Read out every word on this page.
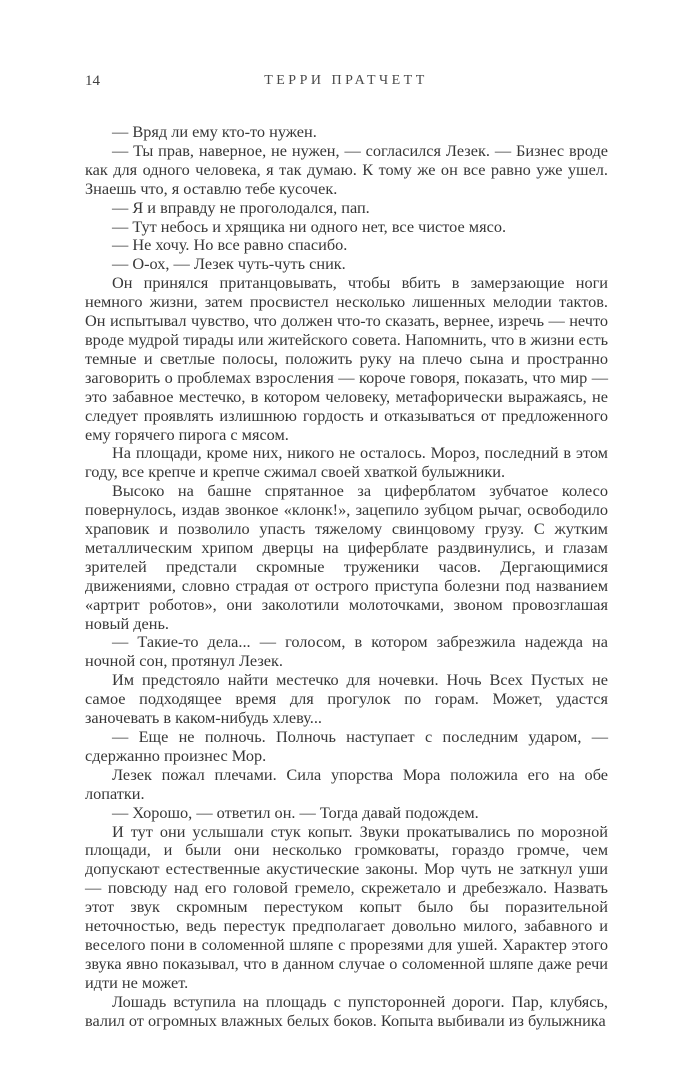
14	ТЕРРИ ПРАТЧЕТТ

— Вряд ли ему кто-то нужен.

— Ты прав, наверное, не нужен, — согласился Лезек. — Бизнес вроде как для одного человека, я так думаю. К тому же он все равно уже ушел. Знаешь что, я оставлю тебе кусочек.

— Я и вправду не проголодался, пап.

— Тут небось и хрящика ни одного нет, все чистое мясо.

— Не хочу. Но все равно спасибо.

— О-ох, — Лезек чуть-чуть сник.

Он принялся пританцовывать, чтобы вбить в замерзающие ноги немного жизни, затем просвистел несколько лишенных мелодии тактов. Он испытывал чувство, что должен что-то сказать, вернее, изречь — нечто вроде мудрой тирады или житейского совета. Напомнить, что в жизни есть темные и светлые полосы, положить руку на плечо сына и пространно заговорить о проблемах взросления — короче говоря, показать, что мир — это забавное местечко, в котором человеку, метафорически выражаясь, не следует проявлять излишнюю гордость и отказываться от предложенного ему горячего пирога с мясом.

На площади, кроме них, никого не осталось. Мороз, последний в этом году, все крепче и крепче сжимал своей хваткой булыжники.

Высоко на башне спрятанное за циферблатом зубчатое колесо повернулось, издав звонкое «клонк!», зацепило зубцом рычаг, освободило храповик и позволило упасть тяжелому свинцовому грузу. С жутким металлическим хрипом дверцы на циферблате раздвинулись, и глазам зрителей предстали скромные труженики часов. Дергающимися движениями, словно страдая от острого приступа болезни под названием «артрит роботов», они заколотили молоточками, звоном провозглашая новый день.

— Такие-то дела... — голосом, в котором забрезжила надежда на ночной сон, протянул Лезек.

Им предстояло найти местечко для ночевки. Ночь Всех Пустых не самое подходящее время для прогулок по горам. Может, удастся заночевать в каком-нибудь хлеву...

— Еще не полночь. Полночь наступает с последним ударом, — сдержанно произнес Мор.

Лезек пожал плечами. Сила упорства Мора положила его на обе лопатки.

— Хорошо, — ответил он. — Тогда давай подождем.

И тут они услышали стук копыт. Звуки прокатывались по морозной площади, и были они несколько громковаты, гораздо громче, чем допускают естественные акустические законы. Мор чуть не заткнул уши — повсюду над его головой гремело, скрежетало и дребезжало. Назвать этот звук скромным перестуком копыт было бы поразительной неточностью, ведь перестук предполагает довольно милого, забавного и веселого пони в соломенной шляпе с прорезями для ушей. Характер этого звука явно показывал, что в данном случае о соломенной шляпе даже речи идти не может.

Лошадь вступила на площадь с пупсторонней дороги. Пар, клубясь, валил от огромных влажных белых боков. Копыта выбивали из булыжника
